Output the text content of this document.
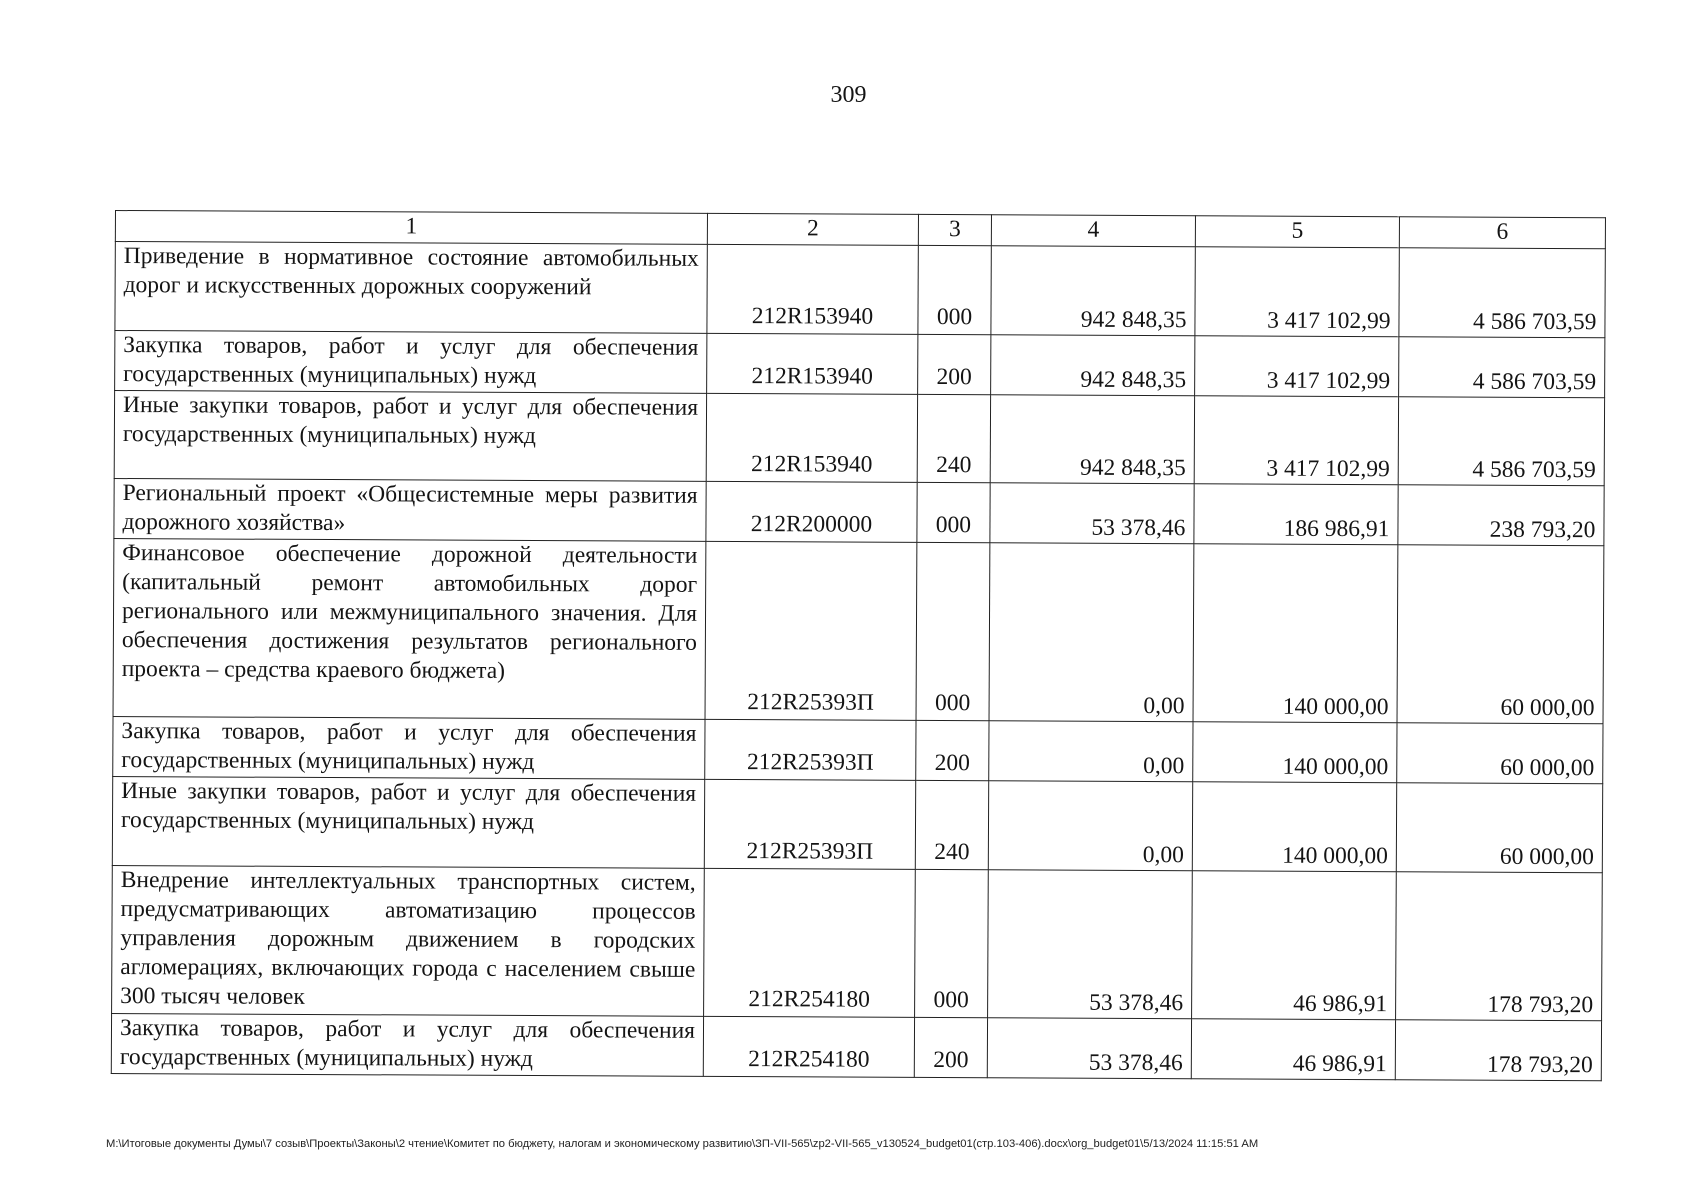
309
1	2	3	4	5	6
Приведение в нормативное состояние автомобильных дорог и искусственных дорожных сооружений	212R153940	000	942 848,35	3 417 102,99	4 586 703,59
Закупка товаров, работ и услуг для обеспечения государственных (муниципальных) нужд	212R153940	200	942 848,35	3 417 102,99	4 586 703,59
Иные закупки товаров, работ и услуг для обеспечения государственных (муниципальных) нужд	212R153940	240	942 848,35	3 417 102,99	4 586 703,59
Региональный проект «Общесистемные меры развития дорожного хозяйства»	212R200000	000	53 378,46	186 986,91	238 793,20
Финансовое обеспечение дорожной деятельности (капитальный ремонт автомобильных дорог регионального или межмуниципального значения. Для обеспечения достижения результатов регионального проекта – средства краевого бюджета)	212R25393П	000	0,00	140 000,00	60 000,00
Закупка товаров, работ и услуг для обеспечения государственных (муниципальных) нужд	212R25393П	200	0,00	140 000,00	60 000,00
Иные закупки товаров, работ и услуг для обеспечения государственных (муниципальных) нужд	212R25393П	240	0,00	140 000,00	60 000,00
Внедрение интеллектуальных транспортных систем, предусматривающих автоматизацию процессов управления дорожным движением в городских агломерациях, включающих города с населением свыше 300 тысяч человек	212R254180	000	53 378,46	46 986,91	178 793,20
Закупка товаров, работ и услуг для обеспечения государственных (муниципальных) нужд	212R254180	200	53 378,46	46 986,91	178 793,20
M:\Итоговые документы Думы\7 созыв\Проекты\Законы\2 чтение\Комитет по бюджету, налогам и экономическому развитию\ЗП-VII-565\zp2-VII-565_v130524_budget01(стр.103-406).docx\org_budget01\5/13/2024 11:15:51 AM
